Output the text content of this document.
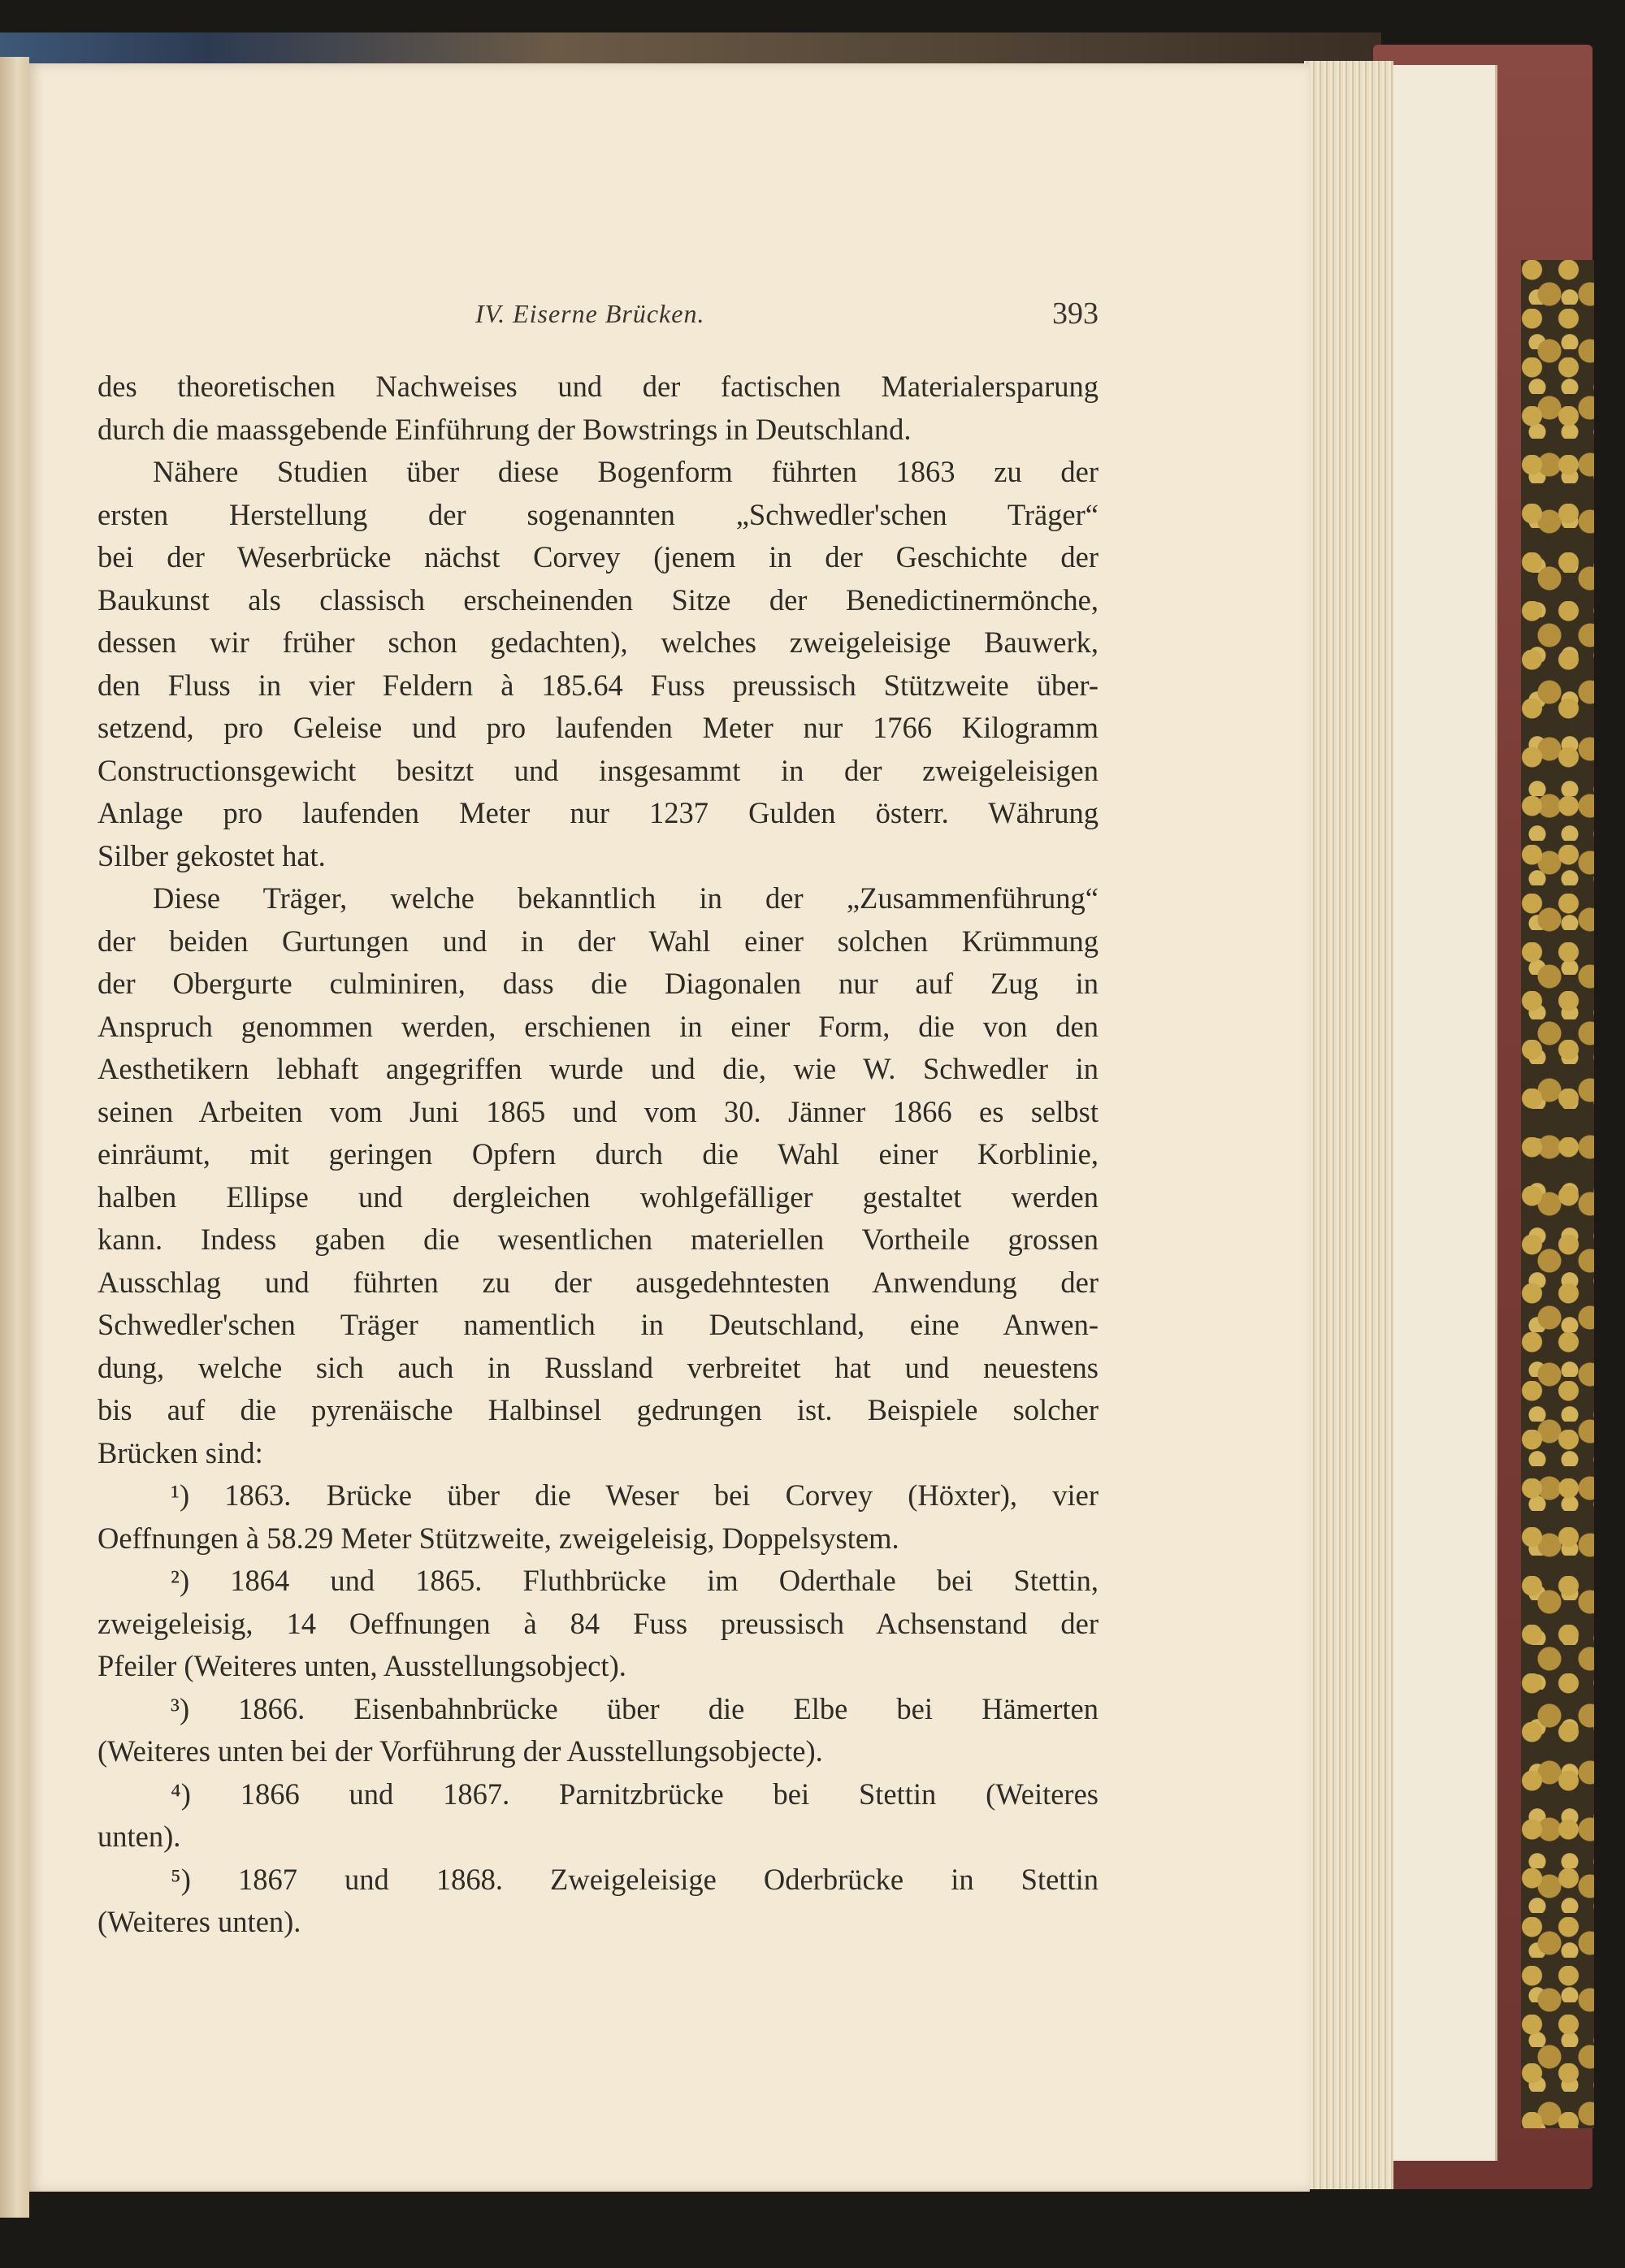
IV. Eiserne Brücken.	393
des theoretischen Nachweises und der factischen Materialersparung
durch die maassgebende Einführung der Bowstrings in Deutschland.
Nähere Studien über diese Bogenform führten 1863 zu der
ersten Herstellung der sogenannten „Schwedler'schen Träger“
bei der Weserbrücke nächst Corvey (jenem in der Geschichte der
Baukunst als classisch erscheinenden Sitze der Benedictinermönche,
dessen wir früher schon gedachten), welches zweigeleisige Bauwerk,
den Fluss in vier Feldern à 185.64 Fuss preussisch Stützweite über-
setzend, pro Geleise und pro laufenden Meter nur 1766 Kilogramm
Constructionsgewicht besitzt und insgesammt in der zweigeleisigen
Anlage pro laufenden Meter nur 1237 Gulden österr. Währung
Silber gekostet hat.
Diese Träger, welche bekanntlich in der „Zusammenführung“
der beiden Gurtungen und in der Wahl einer solchen Krümmung
der Obergurte culminiren, dass die Diagonalen nur auf Zug in
Anspruch genommen werden, erschienen in einer Form, die von den
Aesthetikern lebhaft angegriffen wurde und die, wie W. Schwedler in
seinen Arbeiten vom Juni 1865 und vom 30. Jänner 1866 es selbst
einräumt, mit geringen Opfern durch die Wahl einer Korblinie,
halben Ellipse und dergleichen wohlgefälliger gestaltet werden
kann. Indess gaben die wesentlichen materiellen Vortheile grossen
Ausschlag und führten zu der ausgedehntesten Anwendung der
Schwedler'schen Träger namentlich in Deutschland, eine Anwen-
dung, welche sich auch in Russland verbreitet hat und neuestens
bis auf die pyrenäische Halbinsel gedrungen ist. Beispiele solcher
Brücken sind:
¹) 1863. Brücke über die Weser bei Corvey (Höxter), vier
Oeffnungen à 58.29 Meter Stützweite, zweigeleisig, Doppelsystem.
²) 1864 und 1865. Fluthbrücke im Oderthale bei Stettin,
zweigeleisig, 14 Oeffnungen à 84 Fuss preussisch Achsenstand der
Pfeiler (Weiteres unten, Ausstellungsobject).
³) 1866. Eisenbahnbrücke über die Elbe bei Hämerten
(Weiteres unten bei der Vorführung der Ausstellungsobjecte).
⁴) 1866 und 1867. Parnitzbrücke bei Stettin (Weiteres
unten).
⁵) 1867 und 1868. Zweigeleisige Oderbrücke in Stettin
(Weiteres unten).
